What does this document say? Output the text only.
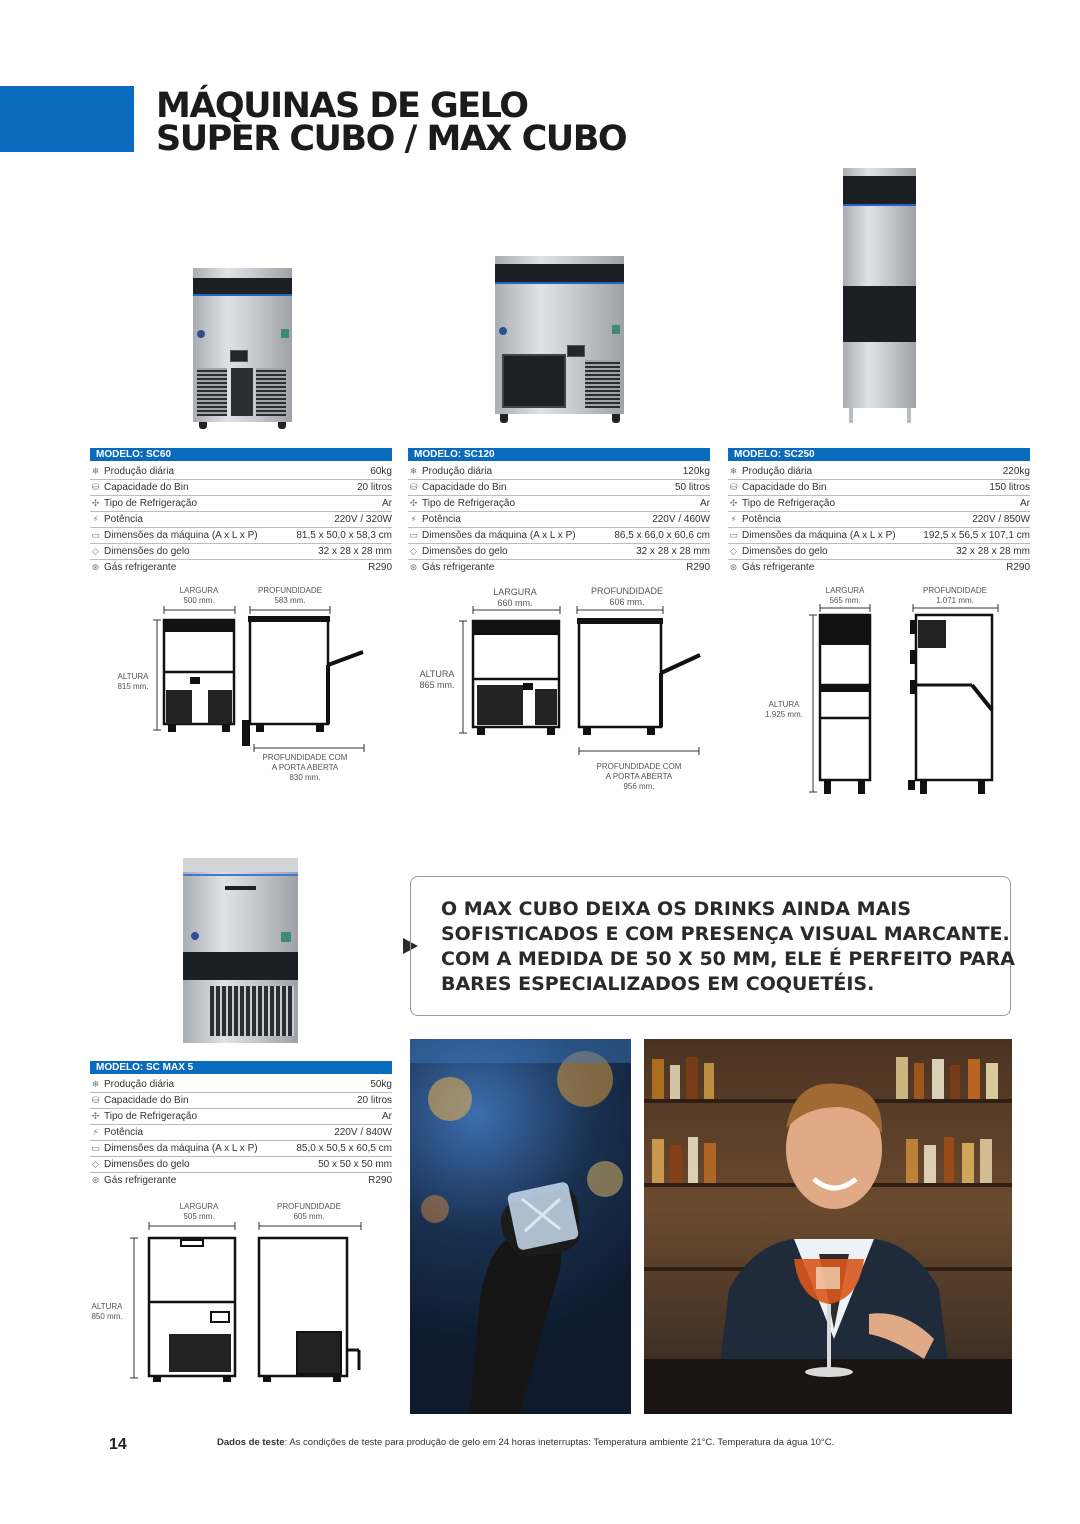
MÁQUINAS DE GELO
SUPER CUBO / MAX CUBO
MODELO: SC60
❄ Produção diária	60kg
⛁ Capacidade do Bin	20 litros
✣ Tipo de Refrigeração	Ar
⚡ Potência	220V / 320W
▭ Dimensões da máquina (A x L x P)	81,5 x 50,0 x 58,3 cm
◇ Dimensões do gelo	32 x 28 x 28 mm
⊛ Gás refrigerante	R290
MODELO: SC120
❄ Produção diária	120kg
⛁ Capacidade do Bin	50 litros
✣ Tipo de Refrigeração	Ar
⚡ Potência	220V / 460W
▭ Dimensões da máquina (A x L x P)	86,5 x 66,0 x 60,6 cm
◇ Dimensões do gelo	32 x 28 x 28 mm
⊛ Gás refrigerante	R290
MODELO: SC250
❄ Produção diária	220kg
⛁ Capacidade do Bin	150 litros
✣ Tipo de Refrigeração	Ar
⚡ Potência	220V / 850W
▭ Dimensões da máquina (A x L x P)	192,5 x 56,5 x 107,1 cm
◇ Dimensões do gelo	32 x 28 x 28 mm
⊛ Gás refrigerante	R290
MODELO: SC MAX 5
❄ Produção diária	50kg
⛁ Capacidade do Bin	20 litros
✣ Tipo de Refrigeração	Ar
⚡ Potência	220V / 840W
▭ Dimensões da máquina (A x L x P)	85,0 x 50,5 x 60,5 cm
◇ Dimensões do gelo	50 x 50 x 50 mm
⊛ Gás refrigerante	R290
LARGURA
500 mm.
PROFUNDIDADE
583 mm.
ALTURA
815 mm.
PROFUNDIDADE COM
A PORTA ABERTA
830 mm.
LARGURA
660 mm.
PROFUNDIDADE
606 mm.
ALTURA
865 mm.
PROFUNDIDADE COM
A PORTA ABERTA
956 mm.
LARGURA
565 mm.
PROFUNDIDADE
1.071 mm.
ALTURA
1.925 mm.
LARGURA
505 mm.
PROFUNDIDADE
605 mm.
ALTURA
850 mm.
O MAX CUBO DEIXA OS DRINKS AINDA MAIS
SOFISTICADOS E COM PRESENÇA VISUAL MARCANTE.
COM A MEDIDA DE 50 X 50 MM, ELE É PERFEITO PARA
BARES ESPECIALIZADOS EM COQUETÉIS.
14	Dados de teste: As condições de teste para produção de gelo em 24 horas ineterruptas: Temperatura ambiente 21°C. Temperatura da água 10°C.
